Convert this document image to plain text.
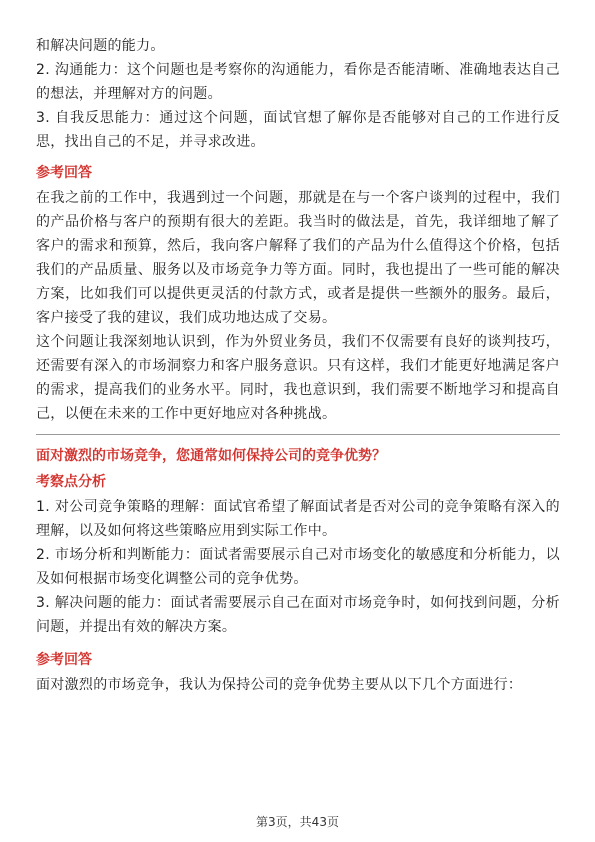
和解决问题的能力。

2. 沟通能力：这个问题也是考察你的沟通能力，看你是否能清晰、准确地表达自己的想法，并理解对方的问题。

3. 自我反思能力：通过这个问题，面试官想了解你是否能够对自己的工作进行反思，找出自己的不足，并寻求改进。

参考回答

在我之前的工作中，我遇到过一个问题，那就是在与一个客户谈判的过程中，我们的产品价格与客户的预期有很大的差距。我当时的做法是，首先，我详细地了解了客户的需求和预算，然后，我向客户解释了我们的产品为什么值得这个价格，包括我们的产品质量、服务以及市场竞争力等方面。同时，我也提出了一些可能的解决方案，比如我们可以提供更灵活的付款方式，或者是提供一些额外的服务。最后，客户接受了我的建议，我们成功地达成了交易。

这个问题让我深刻地认识到，作为外贸业务员，我们不仅需要有良好的谈判技巧，还需要有深入的市场洞察力和客户服务意识。只有这样，我们才能更好地满足客户的需求，提高我们的业务水平。同时，我也意识到，我们需要不断地学习和提高自己，以便在未来的工作中更好地应对各种挑战。

面对激烈的市场竞争，您通常如何保持公司的竞争优势？
考察点分析

1. 对公司竞争策略的理解：面试官希望了解面试者是否对公司的竞争策略有深入的理解，以及如何将这些策略应用到实际工作中。

2. 市场分析和判断能力：面试者需要展示自己对市场变化的敏感度和分析能力，以及如何根据市场变化调整公司的竞争优势。

3. 解决问题的能力：面试者需要展示自己在面对市场竞争时，如何找到问题，分析问题，并提出有效的解决方案。

参考回答

面对激烈的市场竞争，我认为保持公司的竞争优势主要从以下几个方面进行：

第3页，共43页
